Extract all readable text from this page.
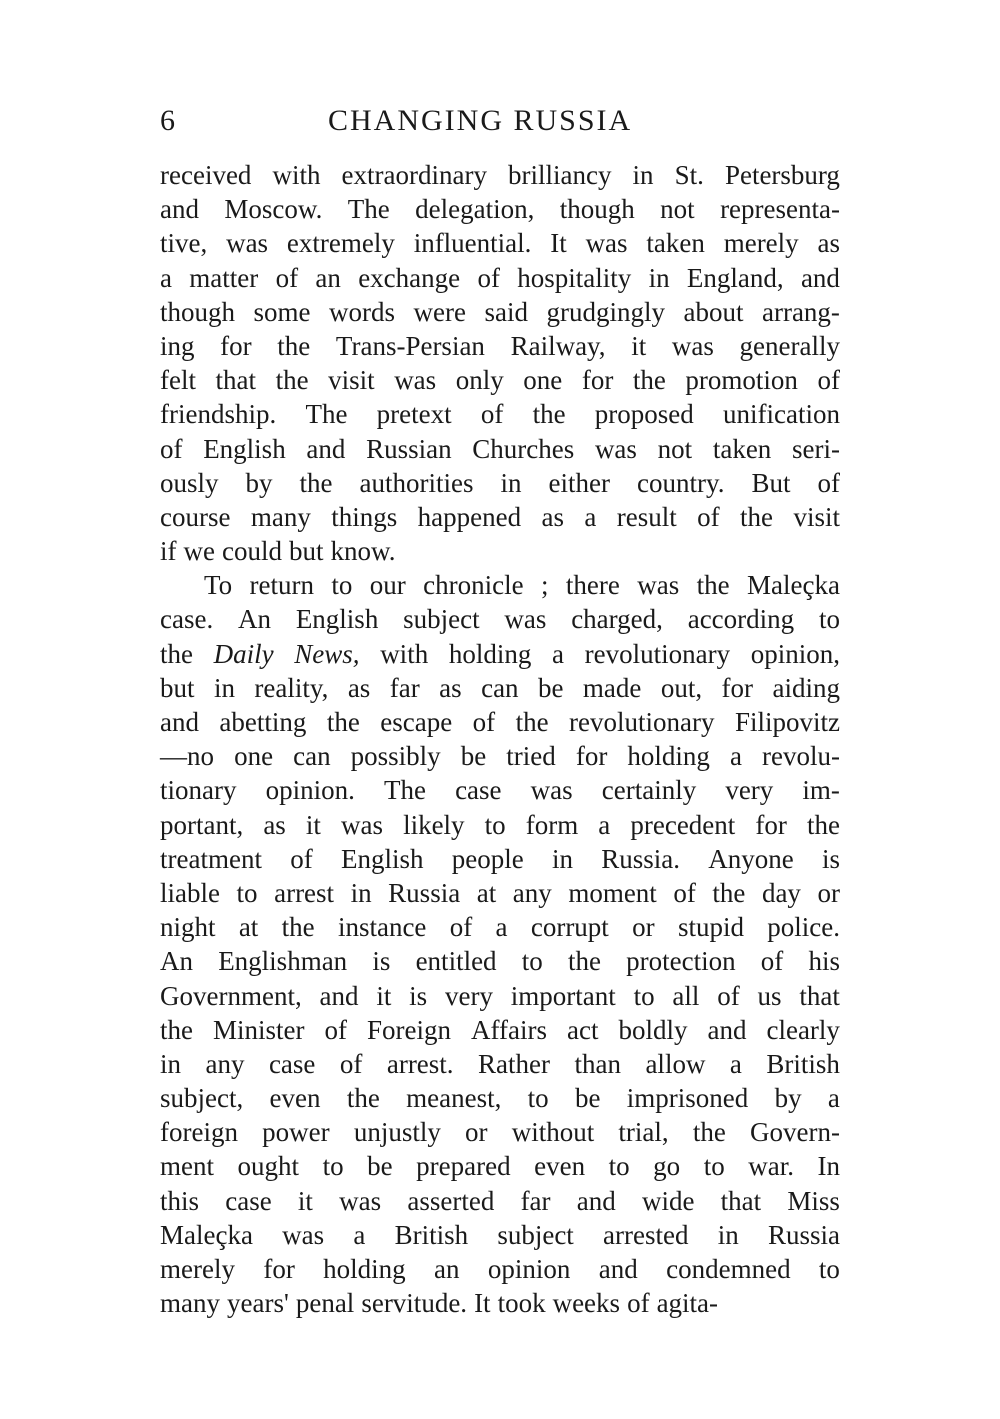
6	CHANGING RUSSIA
received with extraordinary brilliancy in St. Petersburg
and Moscow. The delegation, though not representa-
tive, was extremely influential. It was taken merely as
a matter of an exchange of hospitality in England, and
though some words were said grudgingly about arrang-
ing for the Trans-Persian Railway, it was generally
felt that the visit was only one for the promotion of
friendship. The pretext of the proposed unification
of English and Russian Churches was not taken seri-
ously by the authorities in either country. But of
course many things happened as a result of the visit
if we could but know.
To return to our chronicle ; there was the Maleçka
case. An English subject was charged, according to
the Daily News, with holding a revolutionary opinion,
but in reality, as far as can be made out, for aiding
and abetting the escape of the revolutionary Filipovitz
—no one can possibly be tried for holding a revolu-
tionary opinion. The case was certainly very im-
portant, as it was likely to form a precedent for the
treatment of English people in Russia. Anyone is
liable to arrest in Russia at any moment of the day or
night at the instance of a corrupt or stupid police.
An Englishman is entitled to the protection of his
Government, and it is very important to all of us that
the Minister of Foreign Affairs act boldly and clearly
in any case of arrest. Rather than allow a British
subject, even the meanest, to be imprisoned by a
foreign power unjustly or without trial, the Govern-
ment ought to be prepared even to go to war. In
this case it was asserted far and wide that Miss
Maleçka was a British subject arrested in Russia
merely for holding an opinion and condemned to
many years' penal servitude. It took weeks of agita-
